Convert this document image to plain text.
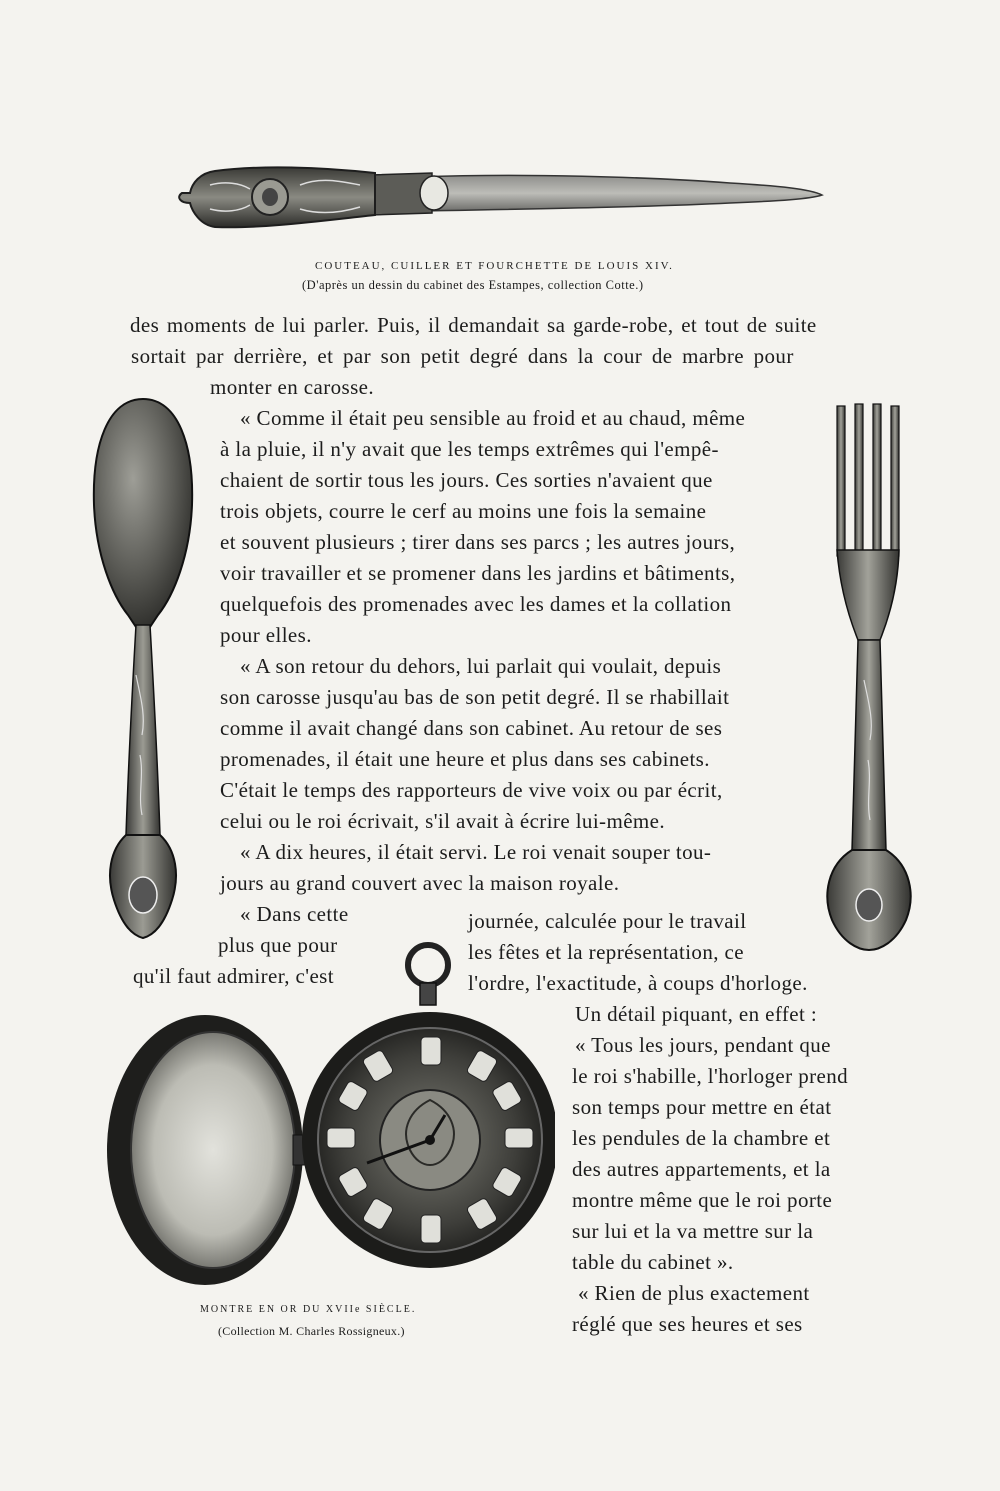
COUTEAU, CUILLER ET FOURCHETTE DE LOUIS XIV.
(D'après un dessin du cabinet des Estampes, collection Cotte.)
MONTRE EN OR DU XVIIe SIÈCLE.
(Collection M. Charles Rossigneux.)
des moments de lui parler. Puis, il demandait sa garde-robe, et tout de suite
sortait par derrière, et par son petit degré dans la cour de marbre pour
monter en carosse.
« Comme il était peu sensible au froid et au chaud, même
à la pluie, il n'y avait que les temps extrêmes qui l'empê-
chaient de sortir tous les jours. Ces sorties n'avaient que
trois objets, courre le cerf au moins une fois la semaine
et souvent plusieurs ; tirer dans ses parcs ; les autres jours,
voir travailler et se promener dans les jardins et bâtiments,
quelquefois des promenades avec les dames et la collation
pour elles.
« A son retour du dehors, lui parlait qui voulait, depuis
son carosse jusqu'au bas de son petit degré. Il se rhabillait
comme il avait changé dans son cabinet. Au retour de ses
promenades, il était une heure et plus dans ses cabinets.
C'était le temps des rapporteurs de vive voix ou par écrit,
celui ou le roi écrivait, s'il avait à écrire lui-même.
« A dix heures, il était servi. Le roi venait souper tou-
jours au grand couvert avec la maison royale.
« Dans cette	journée, calculée pour le travail
plus que pour	les fêtes et la représentation, ce
qu'il faut admirer, c'est	l'ordre, l'exactitude, à coups d'horloge.
Un détail piquant, en effet :
« Tous les jours, pendant que
le roi s'habille, l'horloger prend
son temps pour mettre en état
les pendules de la chambre et
des autres appartements, et la
montre même que le roi porte
sur lui et la va mettre sur la
table du cabinet ».
« Rien de plus exactement
réglé que ses heures et ses
